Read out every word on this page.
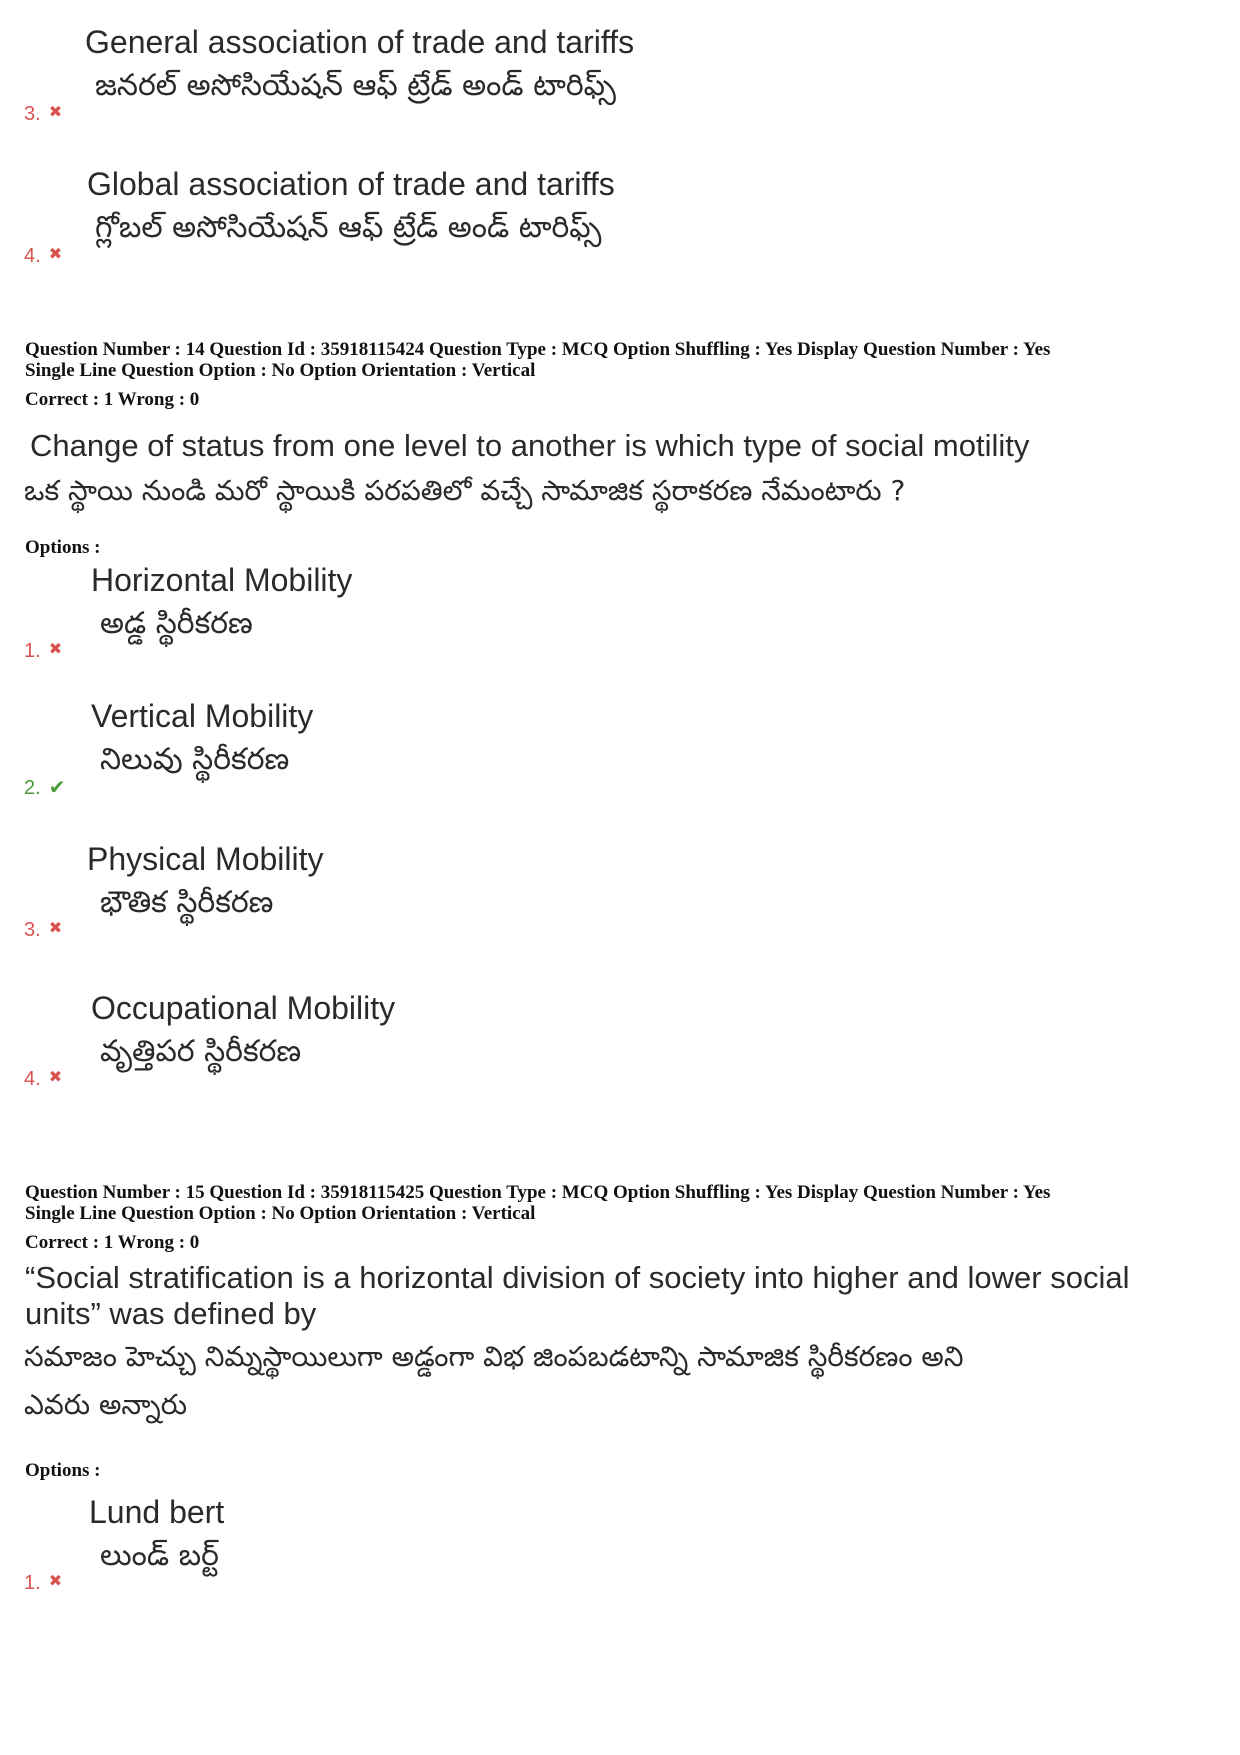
General association of trade and tariffs
జనరల్ అసోసియేషన్ ఆఫ్ ట్రేడ్ అండ్ టారిఫ్స్
3. ✖
Global association of trade and tariffs
గ్లోబల్ అసోసియేషన్ ఆఫ్ ట్రేడ్ అండ్ టారిఫ్స్
4. ✖
Question Number : 14 Question Id : 35918115424 Question Type : MCQ Option Shuffling : Yes Display Question Number : Yes
Single Line Question Option : No Option Orientation : Vertical
Correct : 1 Wrong : 0
Change of status from one level to another is which type of social motility
ఒక స్థాయి నుండి మరో స్థాయికి పరపతిలో వచ్చే సామాజిక స్థరాకరణ నేమంటారు ?
Options :
Horizontal Mobility
అడ్డ స్థిరీకరణ
1. ✖
Vertical Mobility
నిలువు స్థిరీకరణ
2. ✔
Physical Mobility
భౌతిక స్థిరీకరణ
3. ✖
Occupational Mobility
వృత్తిపర స్థిరీకరణ
4. ✖
Question Number : 15 Question Id : 35918115425 Question Type : MCQ Option Shuffling : Yes Display Question Number : Yes
Single Line Question Option : No Option Orientation : Vertical
Correct : 1 Wrong : 0
“Social stratification is a horizontal division of society into higher and lower social
units” was defined by
సమాజం హెచ్చు నిమ్నస్థాయిలుగా అడ్డంగా విభ జింపబడటాన్ని సామాజిక స్థిరీకరణం అని
ఎవరు అన్నారు
Options :
Lund bert
లుండ్ బర్ట్
1. ✖
